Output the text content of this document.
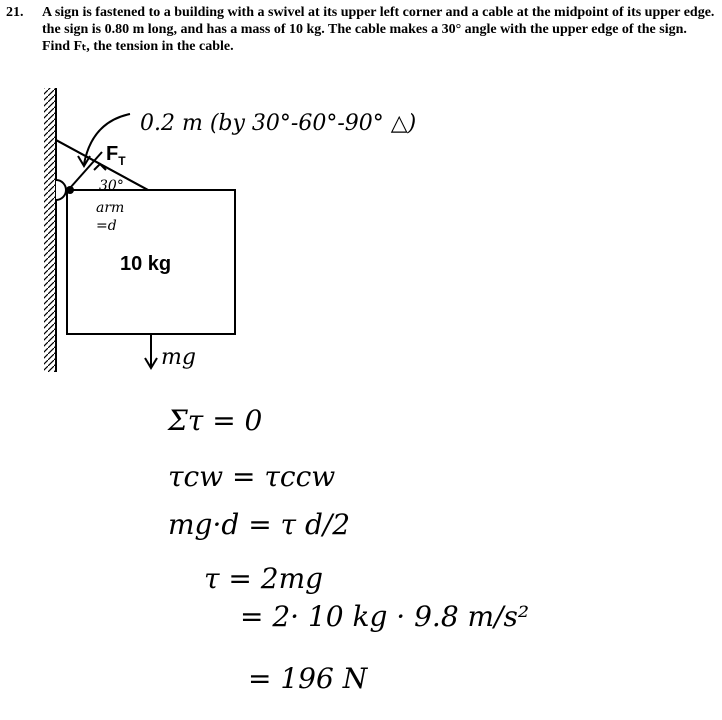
21. A sign is fastened to a building with a swivel at its upper left corner and a cable at the midpoint of its upper edge. the sign is 0.80 m long, and has a mass of 10 kg. The cable makes a 30° angle with the upper edge of the sign. Find Fₜ, the tension in the cable.
0.2 m (by 30°-60°-90° △)
$F_T$
30°
arm
=d
10 kg
mg
Στ = 0
τcw = τccw
mg·d = τ d/2
τ = 2mg
= 2· 10 kg · 9.8 m/s²
= 196 N
